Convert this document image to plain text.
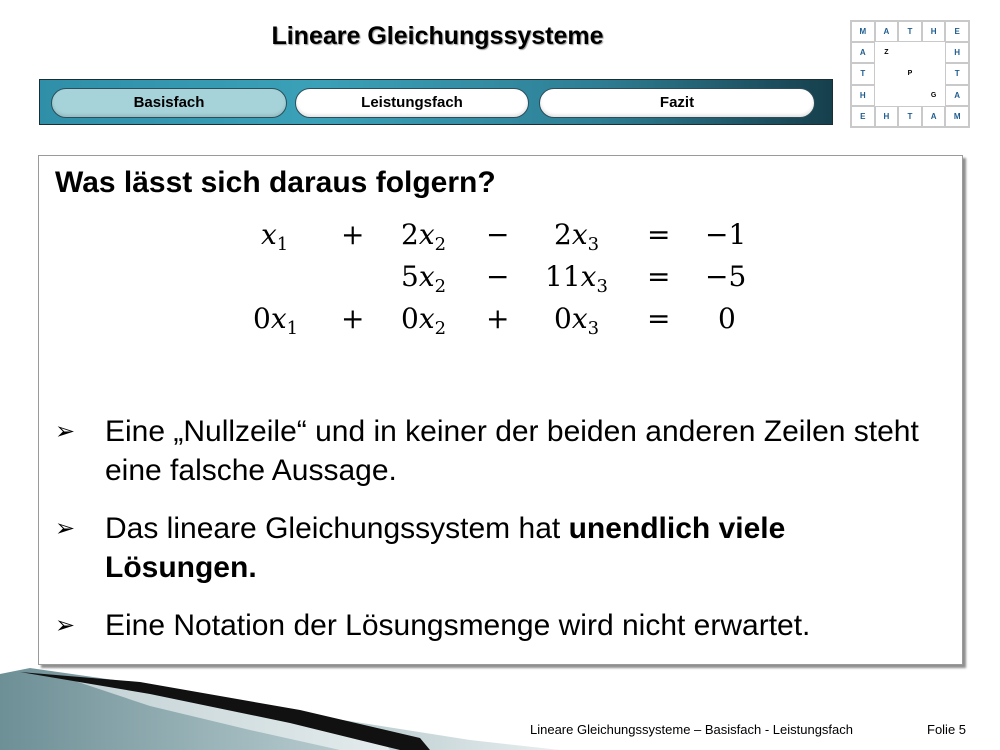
Lineare Gleichungssysteme
Basisfach	Leistungsfach	Fazit
M	A	T	H	E
A	Z	H
T	P	T
H	G	A
E	H	T	A	M
Was lässt sich daraus folgern?
$x_1 + 2x_2 - 2x_3 = -1$
$5x_2 - 11x_3 = -5$
$0x_1 + 0x_2 + 0x_3 = 0$
➢ Eine „Nullzeile“ und in keiner der beiden anderen Zeilen steht eine falsche Aussage.
➢ Das lineare Gleichungssystem hat unendlich viele Lösungen.
➢ Eine Notation der Lösungsmenge wird nicht erwartet.
Lineare Gleichungssysteme – Basisfach - Leistungsfach	Folie 5
